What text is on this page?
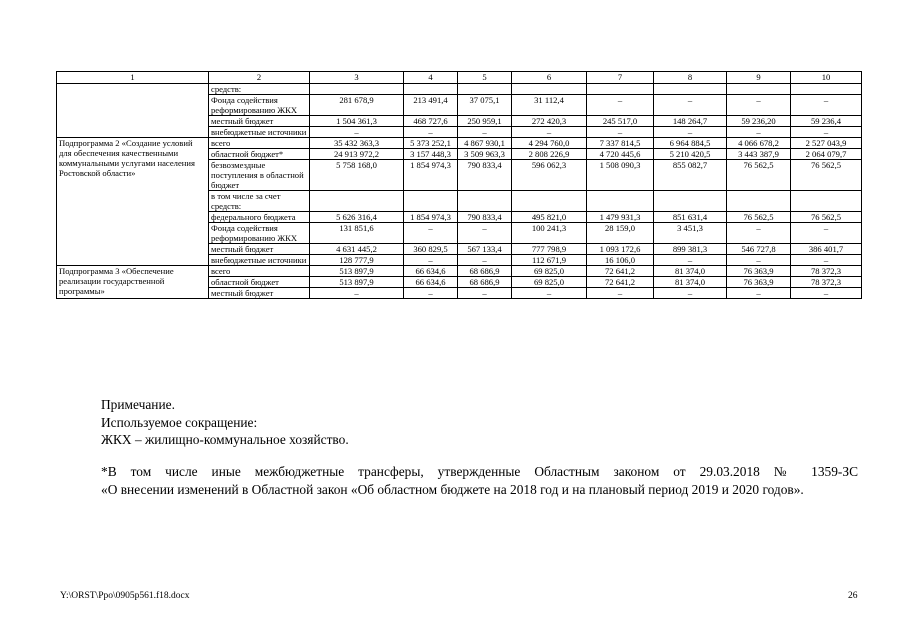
1	2	3	4	5	6	7	8	9	10
	средств:								
	Фонда содействия реформированию ЖКХ	281 678,9	213 491,4	37 075,1	31 112,4	–	–	–	–
	местный бюджет	1 504 361,3	468 727,6	250 959,1	272 420,3	245 517,0	148 264,7	59 236,20	59 236,4
	внебюджетные источники	–	–	–	–	–	–	–	–
Подпрограмма 2 «Создание условий для обеспечения качественными коммунальными услугами населения Ростовской области»	всего	35 432 363,3	5 373 252,1	4 867 930,1	4 294 760,0	7 337 814,5	6 964 884,5	4 066 678,2	2 527 043,9
	областной бюджет*	24 913 972,2	3 157 448,3	3 509 963,3	2 808 226,9	4 720 445,6	5 210 420,5	3 443 387,9	2 064 079,7
	безвозмездные поступления в областной бюджет	5 758 168,0	1 854 974,3	790 833,4	596 062,3	1 508 090,3	855 082,7	76 562,5	76 562,5
	в том числе за счет средств:								
	федерального бюджета	5 626 316,4	1 854 974,3	790 833,4	495 821,0	1 479 931,3	851 631,4	76 562,5	76 562,5
	Фонда содействия реформированию ЖКХ	131 851,6	–	–	100 241,3	28 159,0	3 451,3	–	–
	местный бюджет	4 631 445,2	360 829,5	567 133,4	777 798,9	1 093 172,6	899 381,3	546 727,8	386 401,7
	внебюджетные источники	128 777,9	–	–	112 671,9	16 106,0	–	–	–
Подпрограмма 3 «Обеспечение реализации государственной программы»	всего	513 897,9	66 634,6	68 686,9	69 825,0	72 641,2	81 374,0	76 363,9	78 372,3
	областной бюджет	513 897,9	66 634,6	68 686,9	69 825,0	72 641,2	81 374,0	76 363,9	78 372,3
	местный бюджет	–	–	–	–	–	–	–	–
Примечание.
Используемое сокращение:
ЖКХ – жилищно-коммунальное хозяйство.
*В том числе иные межбюджетные трансферы, утвержденные Областным законом от 29.03.2018 № 1359-ЗС
«О внесении изменений в Областной закон «Об областном бюджете на 2018 год и на плановый период 2019 и 2020 годов».
Y:\ORST\Ppo\0905p561.f18.docx	26
